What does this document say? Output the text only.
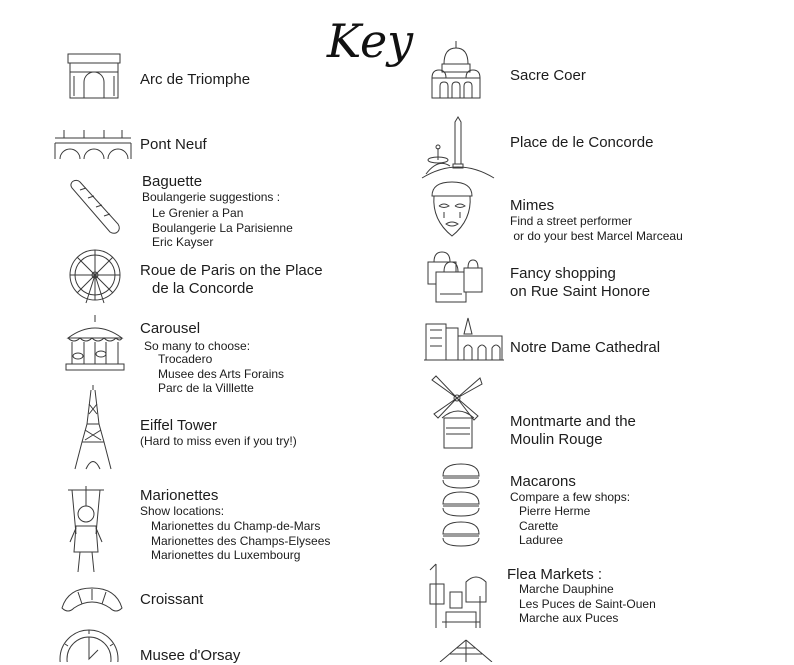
Key
Arc de Triomphe
Pont Neuf
Baguette
Boulangerie suggestions :
Le Grenier a Pan
Boulangerie La Parisienne
Eric Kayser
Roue de Paris on the Place
de la Concorde
Carousel
So many to choose:
Trocadero
Musee des Arts Forains
Parc de la Villlette
Eiffel Tower
(Hard to miss even if you try!)
Marionettes
Show locations:
Marionettes du Champ-de-Mars
Marionettes des Champs-Elysees
Marionettes du Luxembourg
Croissant
Musee d'Orsay
Sacre Coer
Place de le Concorde
Mimes
Find a street performer
or do your best Marcel Marceau
Fancy shopping
on Rue Saint Honore
Notre Dame Cathedral
Montmarte and the
Moulin Rouge
Macarons
Compare a few shops:
Pierre Herme
Carette
Laduree
Flea Markets :
Marche Dauphine
Les Puces de Saint-Ouen
Marche aux Puces
